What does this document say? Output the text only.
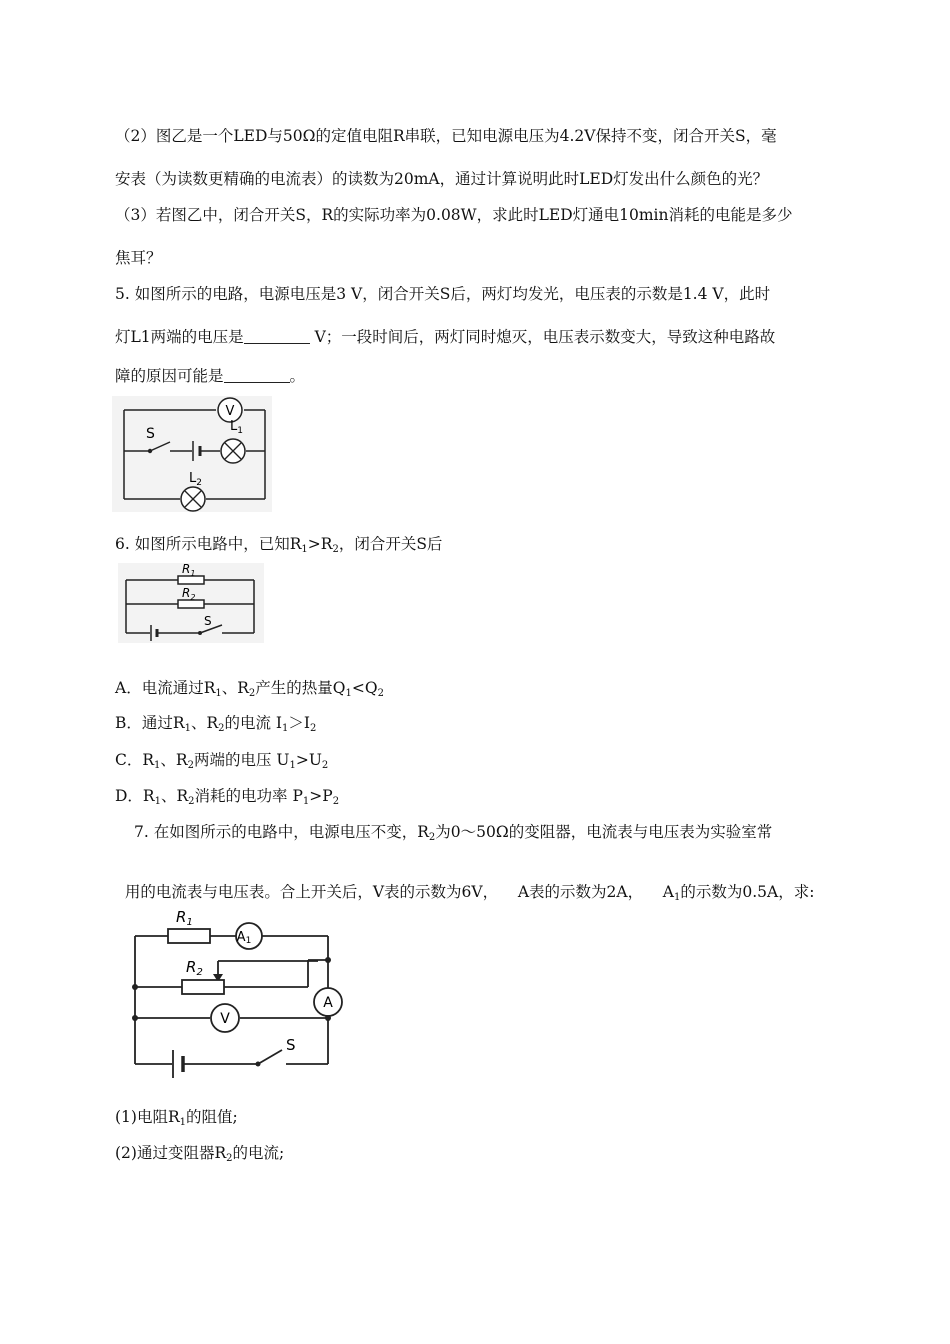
（2）图乙是一个LED与50Ω的定值电阻R串联，已知电源电压为4.2V保持不变，闭合开关S，毫
安表（为读数更精确的电流表）的读数为20mA，通过计算说明此时LED灯发出什么颜色的光？
（3）若图乙中，闭合开关S，R的实际功率为0.08W，求此时LED灯通电10min消耗的电能是多少
焦耳？
5. 如图所示的电路，电源电压是3 V，闭合开关S后，两灯均发光，电压表的示数是1.4 V，此时
灯L1两端的电压是	V；一段时间后，两灯同时熄灭，电压表示数变大，导致这种电路故
障的原因可能是	。
V
S	$L_1$
$L_2$
6. 如图所示电路中，已知$R_1>R_2$，闭合开关S后
$R_1$
$R_2$
S
A．电流通过$R_1$、$R_2$产生的热量$Q_1<Q_2$
B．通过$R_1$、$R_2$的电流 $I_1>I_2$
C．$R_1$、$R_2$两端的电压 $U_1>U_2$
D．$R_1$、$R_2$消耗的电功率 $P_1>P_2$
7. 在如图所示的电路中，电源电压不变，$R_2$为0～50Ω的变阻器，电流表与电压表为实验室常

用的电流表与电压表。合上开关后，V表的示数为6V，    A表的示数为2A，    $A_1$的示数为0.5A，求:

A
$R_1$
A1
$R_2$
V
S
(1)电阻$R_1$的阻值;
(2)通过变阻器$R_2$的电流;
